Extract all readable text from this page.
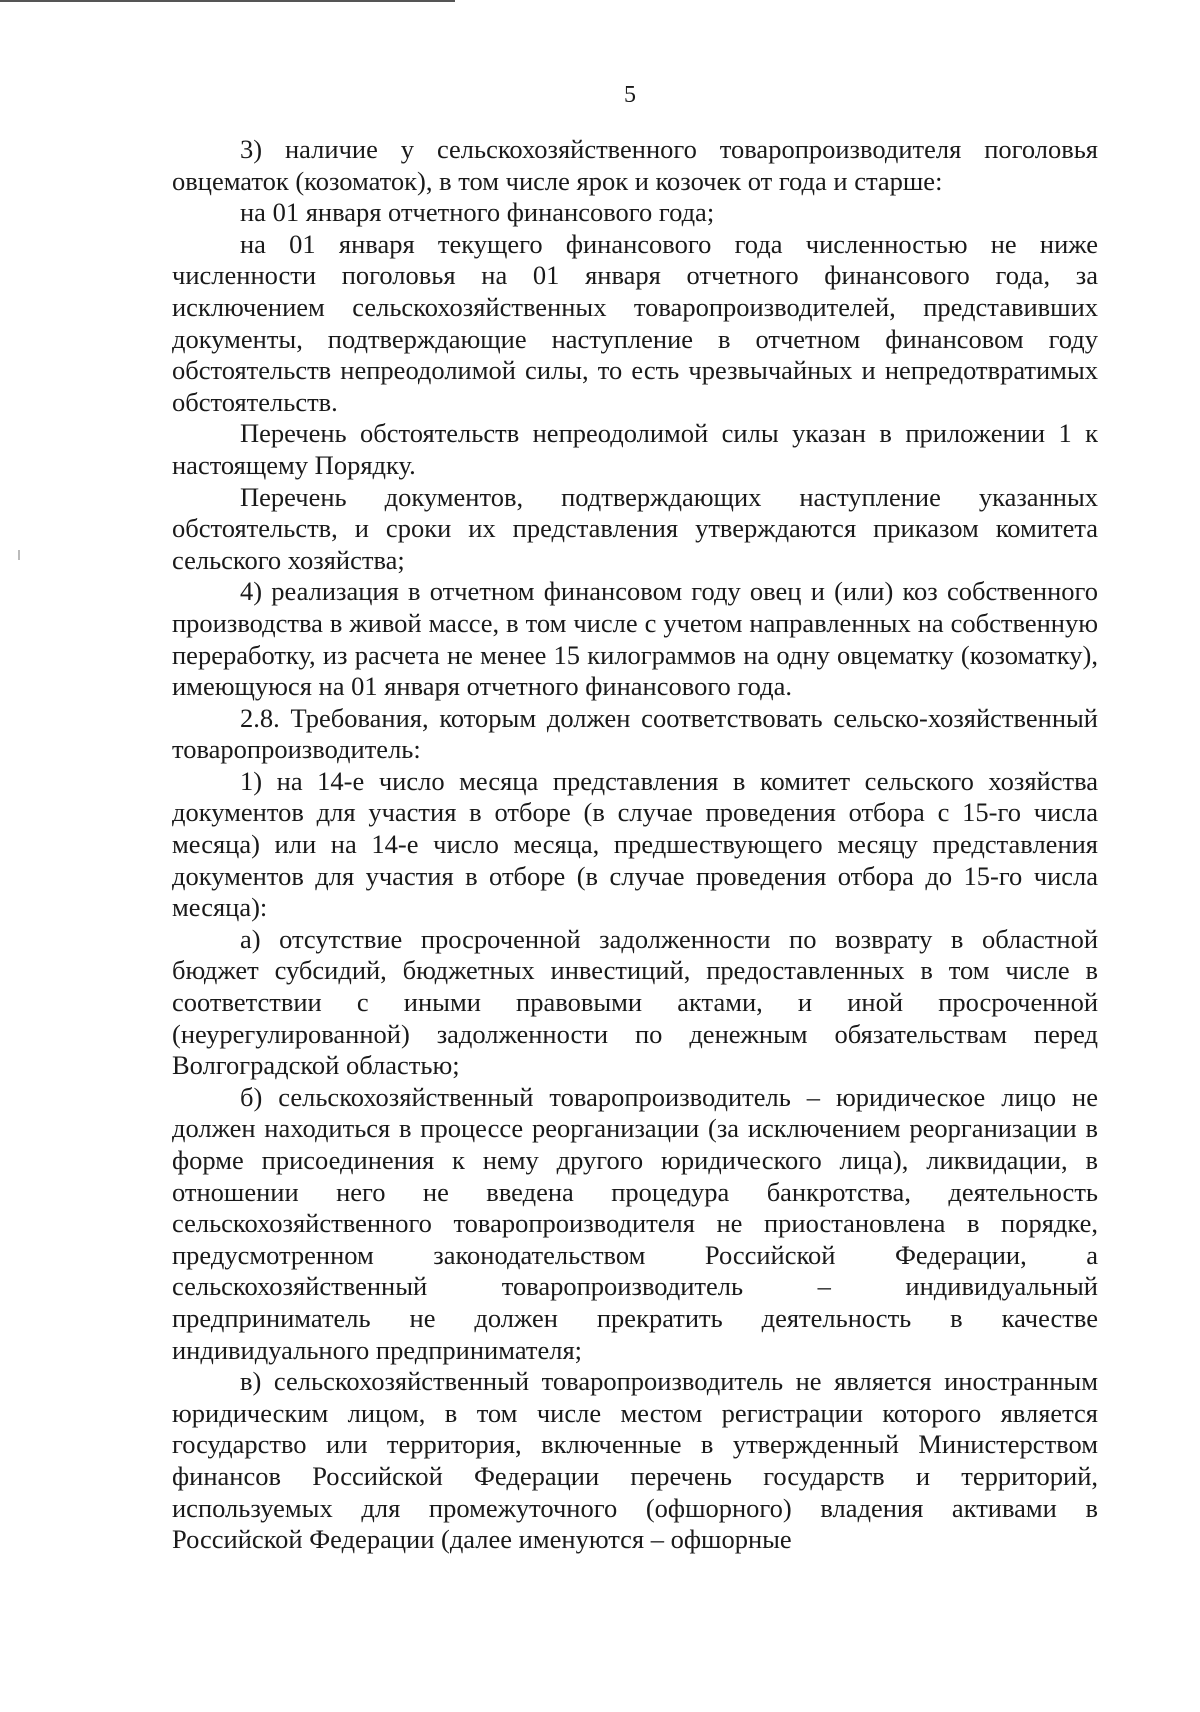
5

3) наличие у сельскохозяйственного товаропроизводителя поголовья овцематок (козоматок), в том числе ярок и козочек от года и старше:

на 01 января отчетного финансового года;

на 01 января текущего финансового года численностью не ниже численности поголовья на 01 января отчетного финансового года, за исключением сельскохозяйственных товаропроизводителей, представивших документы, подтверждающие наступление в отчетном финансовом году обстоятельств непреодолимой силы, то есть чрезвычайных и непредотвратимых обстоятельств.

Перечень обстоятельств непреодолимой силы указан в приложении 1 к настоящему Порядку.

Перечень документов, подтверждающих наступление указанных обстоятельств, и сроки их представления утверждаются приказом комитета сельского хозяйства;

4) реализация в отчетном финансовом году овец и (или) коз собственного производства в живой массе, в том числе с учетом направленных на собственную переработку, из расчета не менее 15 килограммов на одну овцематку (козоматку), имеющуюся на 01 января отчетного финансового года.

2.8. Требования, которым должен соответствовать сельско-хозяйственный товаропроизводитель:

1) на 14-е число месяца представления в комитет сельского хозяйства документов для участия в отборе (в случае проведения отбора с 15-го числа месяца) или на 14-е число месяца, предшествующего месяцу представления документов для участия в отборе (в случае проведения отбора до 15-го числа месяца):

а) отсутствие просроченной задолженности по возврату в областной бюджет субсидий, бюджетных инвестиций, предоставленных в том числе в соответствии с иными правовыми актами, и иной просроченной (неурегулированной) задолженности по денежным обязательствам перед Волгоградской областью;

б) сельскохозяйственный товаропроизводитель – юридическое лицо не должен находиться в процессе реорганизации (за исключением реорганизации в форме присоединения к нему другого юридического лица), ликвидации, в отношении него не введена процедура банкротства, деятельность сельскохозяйственного товаропроизводителя не приостановлена в порядке, предусмотренном законодательством Российской Федерации, а сельскохозяйственный товаропроизводитель – индивидуальный предприниматель не должен прекратить деятельность в качестве индивидуального предпринимателя;

в) сельскохозяйственный товаропроизводитель не является иностранным юридическим лицом, в том числе местом регистрации которого является государство или территория, включенные в утвержденный Министерством финансов Российской Федерации перечень государств и территорий, используемых для промежуточного (офшорного) владения активами в Российской Федерации (далее именуются – офшорные
